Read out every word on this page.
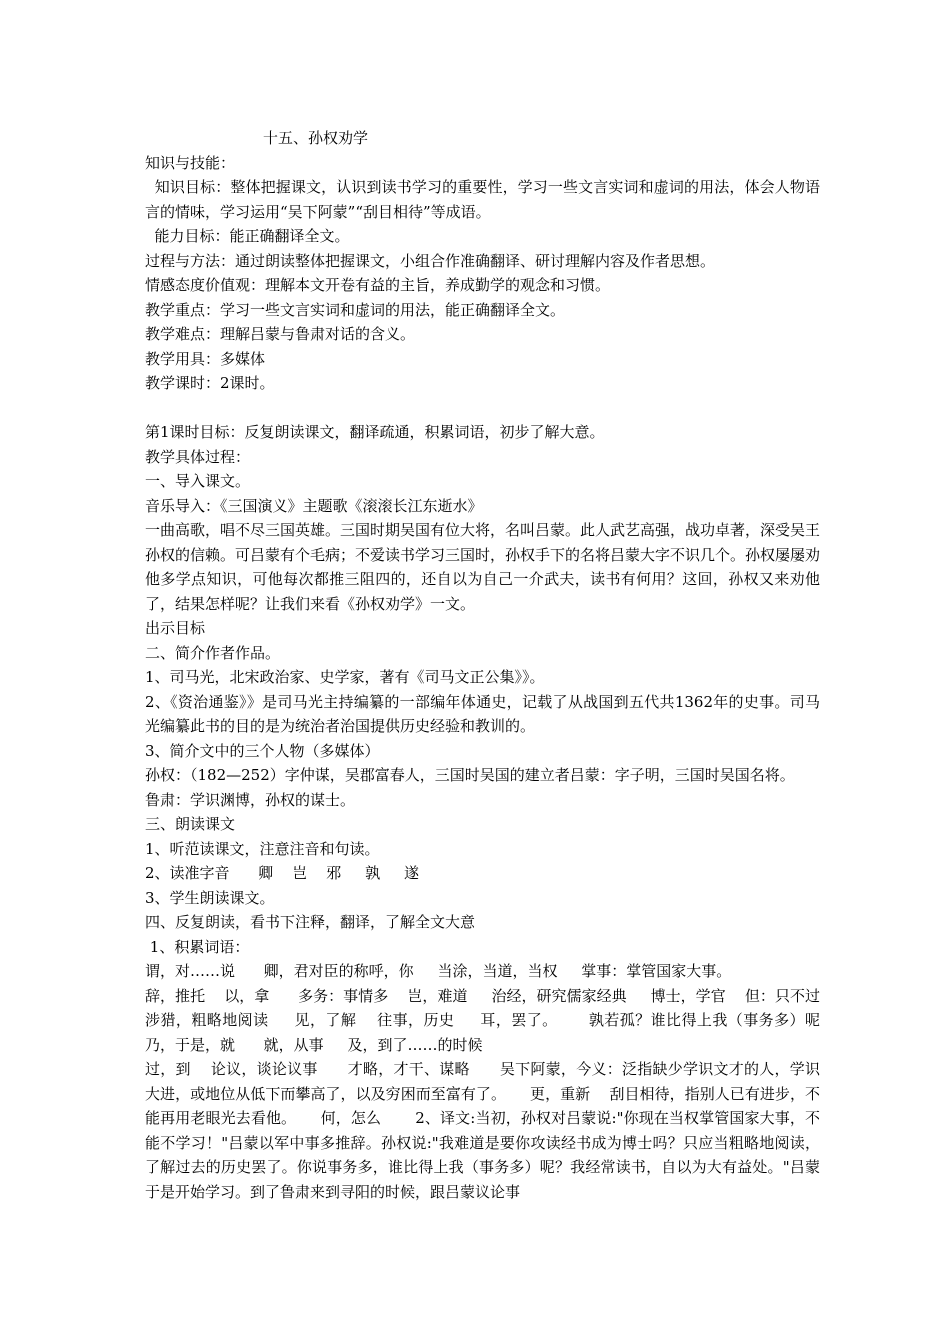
十五、孙权劝学

知识与技能：

知识目标：整体把握课文，认识到读书学习的重要性，学习一些文言实词和虚词的用法，体会人物语言的情味，学习运用“吴下阿蒙”“刮目相待”等成语。

能力目标：能正确翻译全文。

过程与方法：通过朗读整体把握课文，小组合作准确翻译、研讨理解内容及作者思想。

情感态度价值观：理解本文开卷有益的主旨，养成勤学的观念和习惯。

教学重点：学习一些文言实词和虚词的用法，能正确翻译全文。

教学难点：理解吕蒙与鲁肃对话的含义。

教学用具：多媒体

教学课时：2课时。

第1课时目标：反复朗读课文，翻译疏通，积累词语，初步了解大意。

教学具体过程：

一、导入课文。

音乐导入：《三国演义》主题歌《滚滚长江东逝水》

一曲高歌，唱不尽三国英雄。三国时期吴国有位大将，名叫吕蒙。此人武艺高强，战功卓著，深受吴王孙权的信赖。可吕蒙有个毛病；不爱读书学习三国时，孙权手下的名将吕蒙大字不识几个。孙权屡屡劝他多学点知识，可他每次都推三阻四的，还自以为自己一介武夫，读书有何用？这回，孙权又来劝他了，结果怎样呢？让我们来看《孙权劝学》一文。

出示目标

二、简介作者作品。

1、司马光，北宋政治家、史学家，著有《司马文正公集》》。

2、《资治通鉴》》是司马光主持编纂的一部编年体通史，记载了从战国到五代共1362年的史事。司马光编纂此书的目的是为统治者治国提供历史经验和教训的。

3、简介文中的三个人物（多媒体）

孙权：（182—252）字仲谋，吴郡富春人，三国时吴国的建立者吕蒙：字子明，三国时吴国名将。

鲁肃：学识渊博，孙权的谋士。

三、朗读课文

1、听范读课文，注意注音和句读。

2、读准字音      卿    岂    邪     孰     遂

3、学生朗读课文。

四、反复朗读，看书下注释，翻译，了解全文大意

1、积累词语：

谓，对……说      卿，君对臣的称呼，你     当涂，当道，当权     掌事：掌管国家大事。

辞，推托    以，拿      多务：事情多    岂，难道     治经，研究儒家经典     博士，学官    但：只不过   涉猎，粗略地阅读     见，了解    往事，历史     耳，罢了。      孰若孤？谁比得上我（事务多）呢     乃，于是，就      就，从事     及，到了……的时候

过，到    论议，谈论议事      才略，才干、谋略      吴下阿蒙，今义：泛指缺少学识文才的人，学识大进，或地位从低下而攀高了，以及穷困而至富有了。     更，重新    刮目相待，指别人已有进步，不能再用老眼光去看他。     何，怎么       2、译文:当初，孙权对吕蒙说:"你现在当权掌管国家大事，不能不学习！"吕蒙以军中事多推辞。孙权说:"我难道是要你攻读经书成为博士吗？只应当粗略地阅读，了解过去的历史罢了。你说事务多，谁比得上我（事务多）呢？我经常读书，自以为大有益处。"吕蒙于是开始学习。到了鲁肃来到寻阳的时候，跟吕蒙议论事
